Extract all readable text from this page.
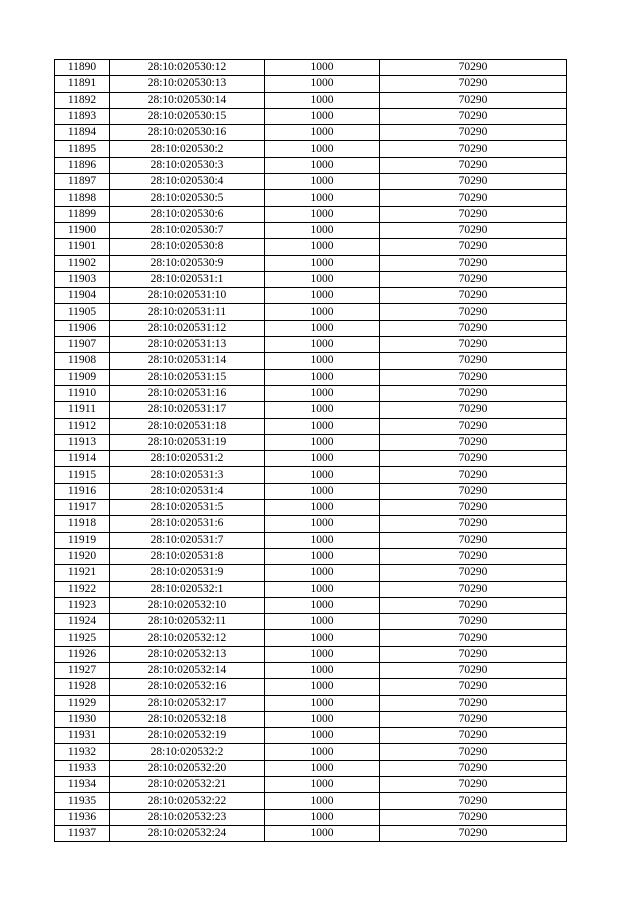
11890	28:10:020530:12	1000	70290
11891	28:10:020530:13	1000	70290
11892	28:10:020530:14	1000	70290
11893	28:10:020530:15	1000	70290
11894	28:10:020530:16	1000	70290
11895	28:10:020530:2	1000	70290
11896	28:10:020530:3	1000	70290
11897	28:10:020530:4	1000	70290
11898	28:10:020530:5	1000	70290
11899	28:10:020530:6	1000	70290
11900	28:10:020530:7	1000	70290
11901	28:10:020530:8	1000	70290
11902	28:10:020530:9	1000	70290
11903	28:10:020531:1	1000	70290
11904	28:10:020531:10	1000	70290
11905	28:10:020531:11	1000	70290
11906	28:10:020531:12	1000	70290
11907	28:10:020531:13	1000	70290
11908	28:10:020531:14	1000	70290
11909	28:10:020531:15	1000	70290
11910	28:10:020531:16	1000	70290
11911	28:10:020531:17	1000	70290
11912	28:10:020531:18	1000	70290
11913	28:10:020531:19	1000	70290
11914	28:10:020531:2	1000	70290
11915	28:10:020531:3	1000	70290
11916	28:10:020531:4	1000	70290
11917	28:10:020531:5	1000	70290
11918	28:10:020531:6	1000	70290
11919	28:10:020531:7	1000	70290
11920	28:10:020531:8	1000	70290
11921	28:10:020531:9	1000	70290
11922	28:10:020532:1	1000	70290
11923	28:10:020532:10	1000	70290
11924	28:10:020532:11	1000	70290
11925	28:10:020532:12	1000	70290
11926	28:10:020532:13	1000	70290
11927	28:10:020532:14	1000	70290
11928	28:10:020532:16	1000	70290
11929	28:10:020532:17	1000	70290
11930	28:10:020532:18	1000	70290
11931	28:10:020532:19	1000	70290
11932	28:10:020532:2	1000	70290
11933	28:10:020532:20	1000	70290
11934	28:10:020532:21	1000	70290
11935	28:10:020532:22	1000	70290
11936	28:10:020532:23	1000	70290
11937	28:10:020532:24	1000	70290
